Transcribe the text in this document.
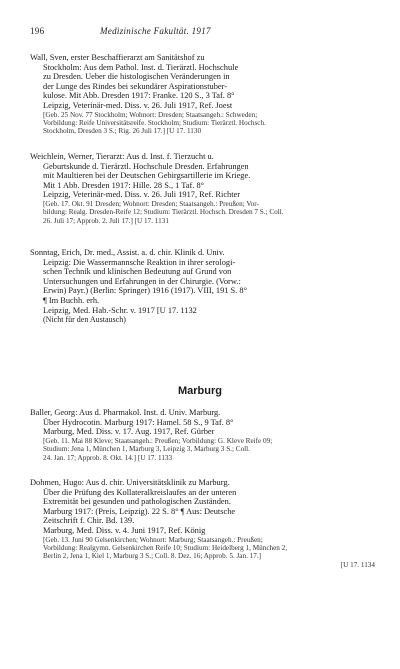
196	Medizinische Fakultät. 1917
Wall, Sven, erster Beschaffierarzt am Sanitätshof zu
Stockholm: Aus dem Pathol. Inst. d. Tierärztl. Hochschule
zu Dresden. Ueber die histologischen Veränderungen in
der Lunge des Rindes bei sekundärer Aspirationstuber-
kulose. Mit Abb. Dresden 1917: Franke. 120 S., 3 Taf. 8°
Leipzig, Veterinär-med. Diss. v. 26. Juli 1917, Ref. Joest
[Geb. 25 Nov. 77 Stockholm; Wohnort: Dresden; Staatsangeh.: Schweden;
Vorbildung: Reife Universitätsreife. Stockholm; Studium: Tierärztl. Hochsch.
Stockholm, Dresden 3 S.; Rig. 26 Juli 17.] [U 17. 1130
Weichlein, Werner, Tierarzt: Aus d. Inst. f. Tierzucht u.
Geburtskunde d. Tierärztl. Hochschule Dresden. Erfahrungen
mit Maultieren bei der Deutschen Gebirgsartillerie im Kriege.
Mit 1 Abb. Dresden 1917: Hille. 28 S., 1 Taf. 8°
Leipzig, Veterinär-med. Diss. v. 26. Juli 1917, Ref. Richter
[Geb. 17. Okt. 91 Dresden; Wohnort: Dresden; Staatsangeh.: Preußen; Vor-
bildung: Realg. Dresden-Reife 12; Studium: Tierärztl. Hochsch. Dresden 7 S.; Coll.
26. Juli 17; Approb. 2. Juli 17.] [U 17. 1131
Sonntag, Erich, Dr. med., Assist. a. d. chir. Klinik d. Univ.
Leipzig: Die Wassermannsche Reaktion in ihrer serologi-
schen Technik und klinischen Bedeutung auf Grund von
Untersuchungen und Erfahrungen in der Chirurgie. (Vorw.:
Erwin) Payr.) (Berlin: Springer) 1916 (1917). VIII, 191 S. 8°
¶ Im Buchh. erh.
Leipzig, Med. Hab.-Schr. v. 1917 [U 17. 1132
(Nicht für den Austausch)
Marburg
Baller, Georg: Aus d. Pharmakol. Inst. d. Univ. Marburg.
Über Hydrocotin. Marburg 1917: Hamel. 58 S., 9 Taf. 8°
Marburg, Med. Diss. v. 17. Aug. 1917, Ref. Gürber
[Geb. 11. Mai 88 Kleve; Staatsangeh.: Preußen; Vorbildung: G. Kleve Reife 09;
Studium: Jena 1, München 1, Marburg 3, Leipzig 3, Marburg 3 S.; Coll.
24. Jan. 17; Approb. 8. Okt. 14.] [U 17. 1133
Dohmen, Hugo: Aus d. chir. Universitätsklinik zu Marburg.
Über die Prüfung des Kollateralkreislaufes an der unteren
Extremität bei gesunden und pathologischen Zuständen.
Marburg 1917: (Preis, Leipzig). 22 S. 8° ¶ Aus: Deutsche
Zeitschrift f. Chir. Bd. 139.
Marburg, Med. Diss. v. 4. Juni 1917, Ref. König
[Geb. 13. Juni 90 Gelsenkirchen; Wohnort: Marburg; Staatsangeh.: Preußen;
Vorbildung: Realgymn. Gelsenkirchen Reife 10; Studium: Heidelberg 1, München 2,
Berlin 2, Jena 1, Kiel 1, Marburg 3 S.; Coll. 8. Dez. 16; Approb. 5. Jan. 17.]
[U 17. 1134
